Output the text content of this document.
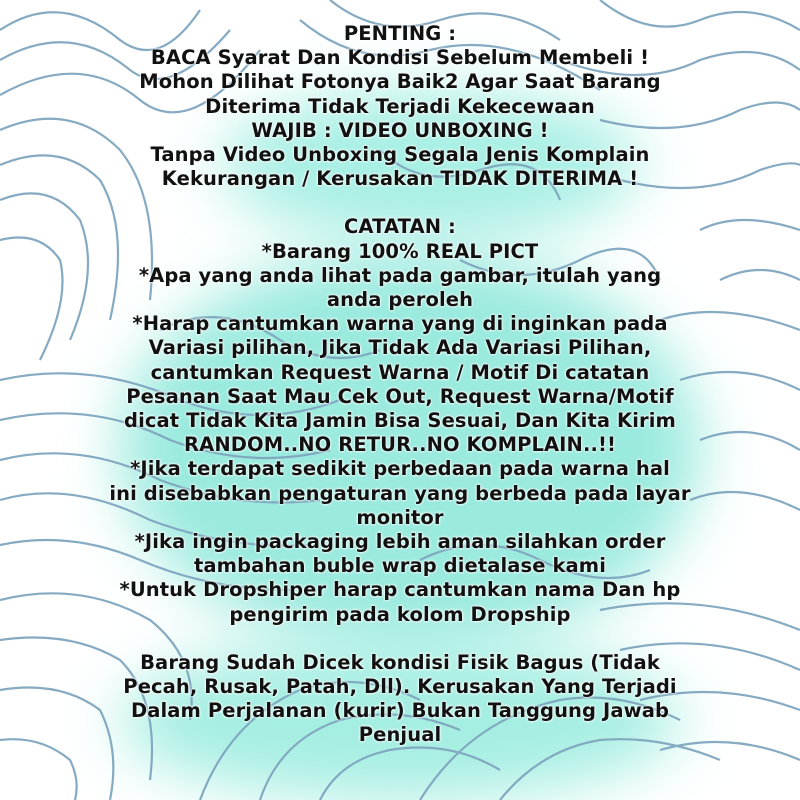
PENTING :
BACA Syarat Dan Kondisi Sebelum Membeli !
Mohon Dilihat Fotonya Baik2 Agar Saat Barang
Diterima Tidak Terjadi Kekecewaan
WAJIB : VIDEO UNBOXING !
Tanpa Video Unboxing Segala Jenis Komplain
Kekurangan / Kerusakan TIDAK DITERIMA !
CATATAN :
*Barang 100% REAL PICT
*Apa yang anda lihat pada gambar, itulah yang
anda peroleh
*Harap cantumkan warna yang di inginkan pada
Variasi pilihan, Jika Tidak Ada Variasi Pilihan,
cantumkan Request Warna / Motif Di catatan
Pesanan Saat Mau Cek Out, Request Warna/Motif
dicat Tidak Kita Jamin Bisa Sesuai, Dan Kita Kirim
RANDOM..NO RETUR..NO KOMPLAIN..!!
*Jika terdapat sedikit perbedaan pada warna hal
ini disebabkan pengaturan yang berbeda pada layar
monitor
*Jika ingin packaging lebih aman silahkan order
tambahan buble wrap dietalase kami
*Untuk Dropshiper harap cantumkan nama Dan hp
pengirim pada kolom Dropship
Barang Sudah Dicek kondisi Fisik Bagus (Tidak
Pecah, Rusak, Patah, Dll). Kerusakan Yang Terjadi
Dalam Perjalanan (kurir) Bukan Tanggung Jawab
Penjual
